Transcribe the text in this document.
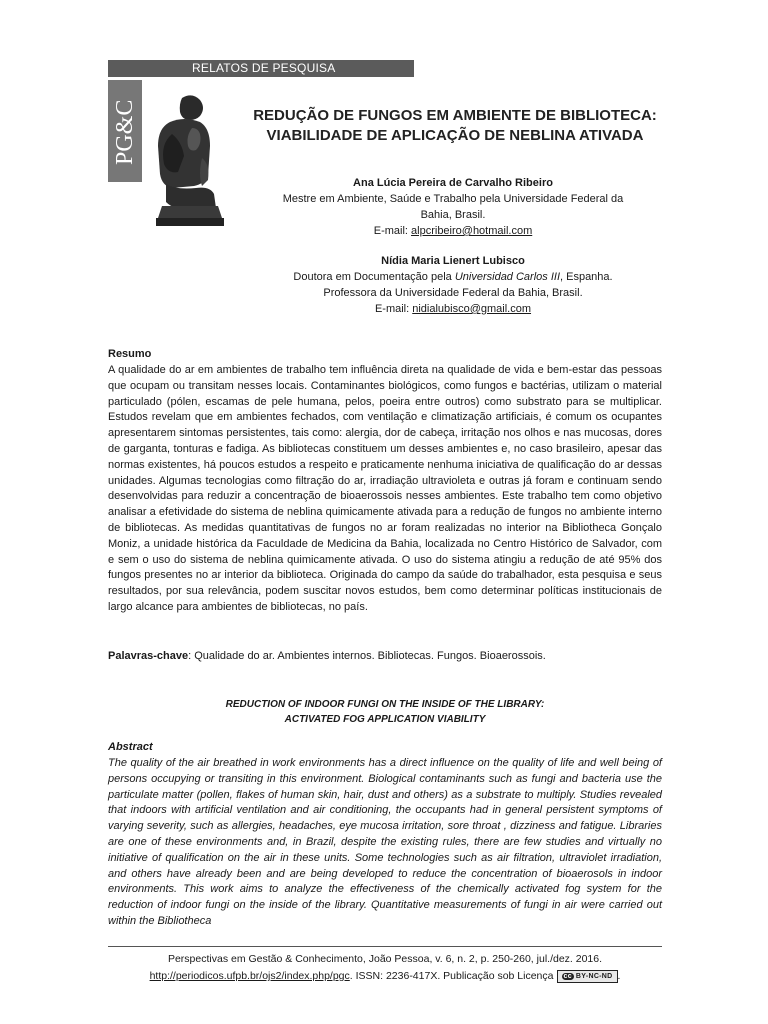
RELATOS DE PESQUISA
PG&C	REDUÇÃO DE FUNGOS EM AMBIENTE DE BIBLIOTECA:
VIABILIDADE DE APLICAÇÃO DE NEBLINA ATIVADA
Ana Lúcia Pereira de Carvalho Ribeiro
Mestre em Ambiente, Saúde e Trabalho pela Universidade Federal da
Bahia, Brasil.
E-mail: alpcribeiro@hotmail.com
Nídia Maria Lienert Lubisco
Doutora em Documentação pela Universidad Carlos III, Espanha.
Professora da Universidade Federal da Bahia, Brasil.
E-mail: nidialubisco@gmail.com
Resumo
A qualidade do ar em ambientes de trabalho tem influência direta na qualidade de vida e bem-estar das pessoas que ocupam ou transitam nesses locais. Contaminantes biológicos, como fungos e bactérias, utilizam o material particulado (pólen, escamas de pele humana, pelos, poeira entre outros) como substrato para se multiplicar. Estudos revelam que em ambientes fechados, com ventilação e climatização artificiais, é comum os ocupantes apresentarem sintomas persistentes, tais como: alergia, dor de cabeça, irritação nos olhos e nas mucosas, dores de garganta, tonturas e fadiga. As bibliotecas constituem um desses ambientes e, no caso brasileiro, apesar das normas existentes, há poucos estudos a respeito e praticamente nenhuma iniciativa de qualificação do ar dessas unidades. Algumas tecnologias como filtração do ar, irradiação ultravioleta e outras já foram e continuam sendo desenvolvidas para reduzir a concentração de bioaerossois nesses ambientes. Este trabalho tem como objetivo analisar a efetividade do sistema de neblina quimicamente ativada para a redução de fungos no ambiente interno de bibliotecas. As medidas quantitativas de fungos no ar foram realizadas no interior na Bibliotheca Gonçalo Moniz, a unidade histórica da Faculdade de Medicina da Bahia, localizada no Centro Histórico de Salvador, com e sem o uso do sistema de neblina quimicamente ativada. O uso do sistema atingiu a redução de até 95% dos fungos presentes no ar interior da biblioteca. Originada do campo da saúde do trabalhador, esta pesquisa e seus resultados, por sua relevância, podem suscitar novos estudos, bem como determinar políticas institucionais de largo alcance para ambientes de bibliotecas, no país.
Palavras-chave: Qualidade do ar. Ambientes internos. Bibliotecas. Fungos. Bioaerossois.
REDUCTION OF INDOOR FUNGI ON THE INSIDE OF THE LIBRARY:
ACTIVATED FOG APPLICATION VIABILITY
Abstract
The quality of the air breathed in work environments has a direct influence on the quality of life and well being of persons occupying or transiting in this environment. Biological contaminants such as fungi and bacteria use the particulate matter (pollen, flakes of human skin, hair, dust and others) as a substrate to multiply. Studies revealed that indoors with artificial ventilation and air conditioning, the occupants had in general persistent symptoms of varying severity, such as allergies, headaches, eye mucosa irritation, sore throat , dizziness and fatigue. Libraries are one of these environments and, in Brazil, despite the existing rules, there are few studies and virtually no initiative of qualification on the air in these units. Some technologies such as air filtration, ultraviolet irradiation, and others have already been and are being developed to reduce the concentration of bioaerosols in indoor environments. This work aims to analyze the effectiveness of the chemically activated fog system for the reduction of indoor fungi on the inside of the library. Quantitative measurements of fungi in air were carried out within the Bibliotheca
Perspectivas em Gestão & Conhecimento, João Pessoa, v. 6, n. 2, p. 250-260, jul./dez. 2016.
http://periodicos.ufpb.br/ojs2/index.php/pgc. ISSN: 2236-417X. Publicação sob Licença cc BY-NC-ND .
